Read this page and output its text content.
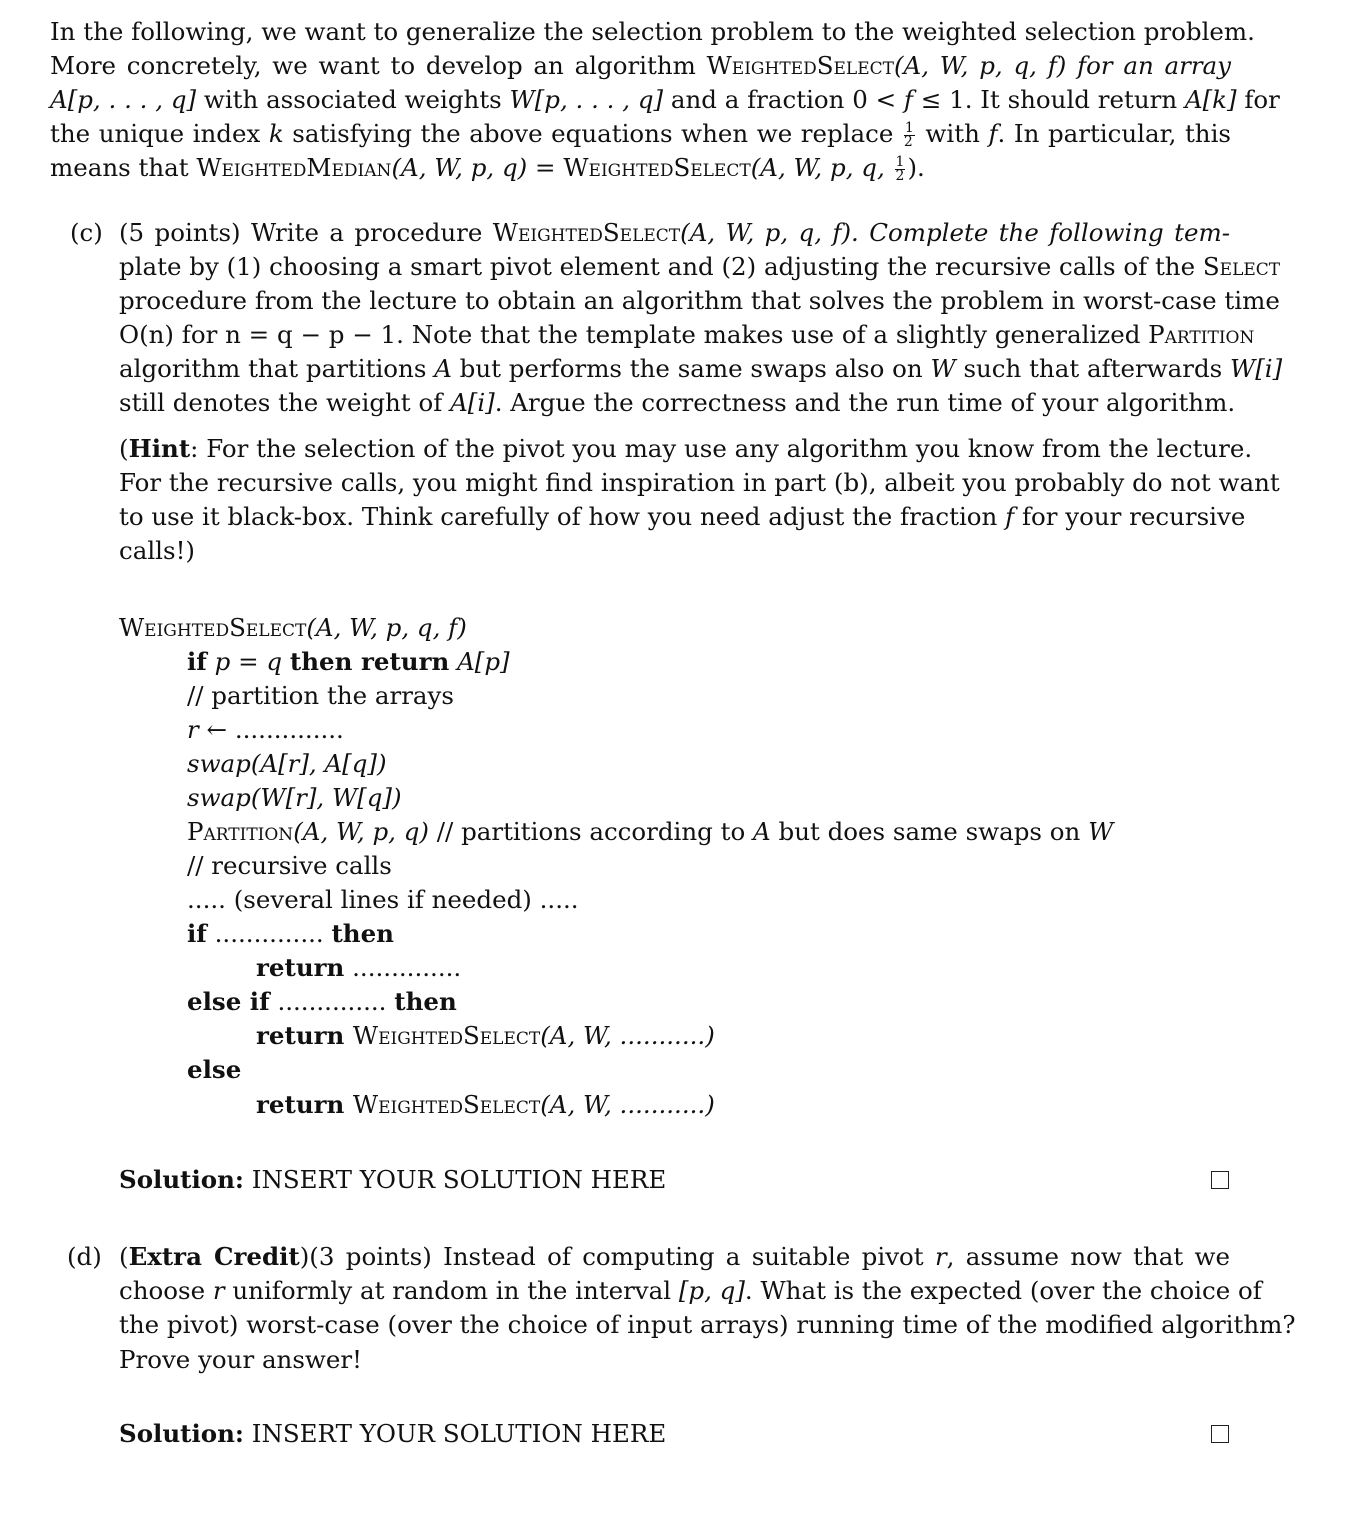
In the following, we want to generalize the selection problem to the weighted selection problem.
More concretely, we want to develop an algorithm WeightedSelect(A, W, p, q, f) for an array
A[p, . . . , q] with associated weights W[p, . . . , q] and a fraction 0 < f ≤ 1. It should return A[k] for
the unique index k satisfying the above equations when we replace $\frac{1}{2}$ with f. In particular, this
means that WeightedMedian(A, W, p, q) = WeightedSelect(A, W, p, q, $\frac{1}{2}$ ).
(c) (5 points) Write a procedure WeightedSelect(A, W, p, q, f). Complete the following tem-
plate by (1) choosing a smart pivot element and (2) adjusting the recursive calls of the Select
procedure from the lecture to obtain an algorithm that solves the problem in worst-case time
O(n) for n = q − p − 1. Note that the template makes use of a slightly generalized Partition
algorithm that partitions A but performs the same swaps also on W such that afterwards W[i]
still denotes the weight of A[i]. Argue the correctness and the run time of your algorithm.
(Hint: For the selection of the pivot you may use any algorithm you know from the lecture.
For the recursive calls, you might find inspiration in part (b), albeit you probably do not want
to use it black-box. Think carefully of how you need adjust the fraction f for your recursive
calls!)
WeightedSelect(A, W, p, q, f)
if p = q then return A[p]
// partition the arrays
r ← ..............
swap(A[r], A[q])
swap(W[r], W[q])
Partition(A, W, p, q) // partitions according to A but does same swaps on W
// recursive calls
..... (several lines if needed) .....
if .............. then
return ..............
else if .............. then
return WeightedSelect(A, W, ...........)
else
return WeightedSelect(A, W, ...........)
Solution: INSERT YOUR SOLUTION HERE
(d) (Extra Credit)(3 points) Instead of computing a suitable pivot r, assume now that we
choose r uniformly at random in the interval [p, q]. What is the expected (over the choice of
the pivot) worst-case (over the choice of input arrays) running time of the modified algorithm?
Prove your answer!
Solution: INSERT YOUR SOLUTION HERE
